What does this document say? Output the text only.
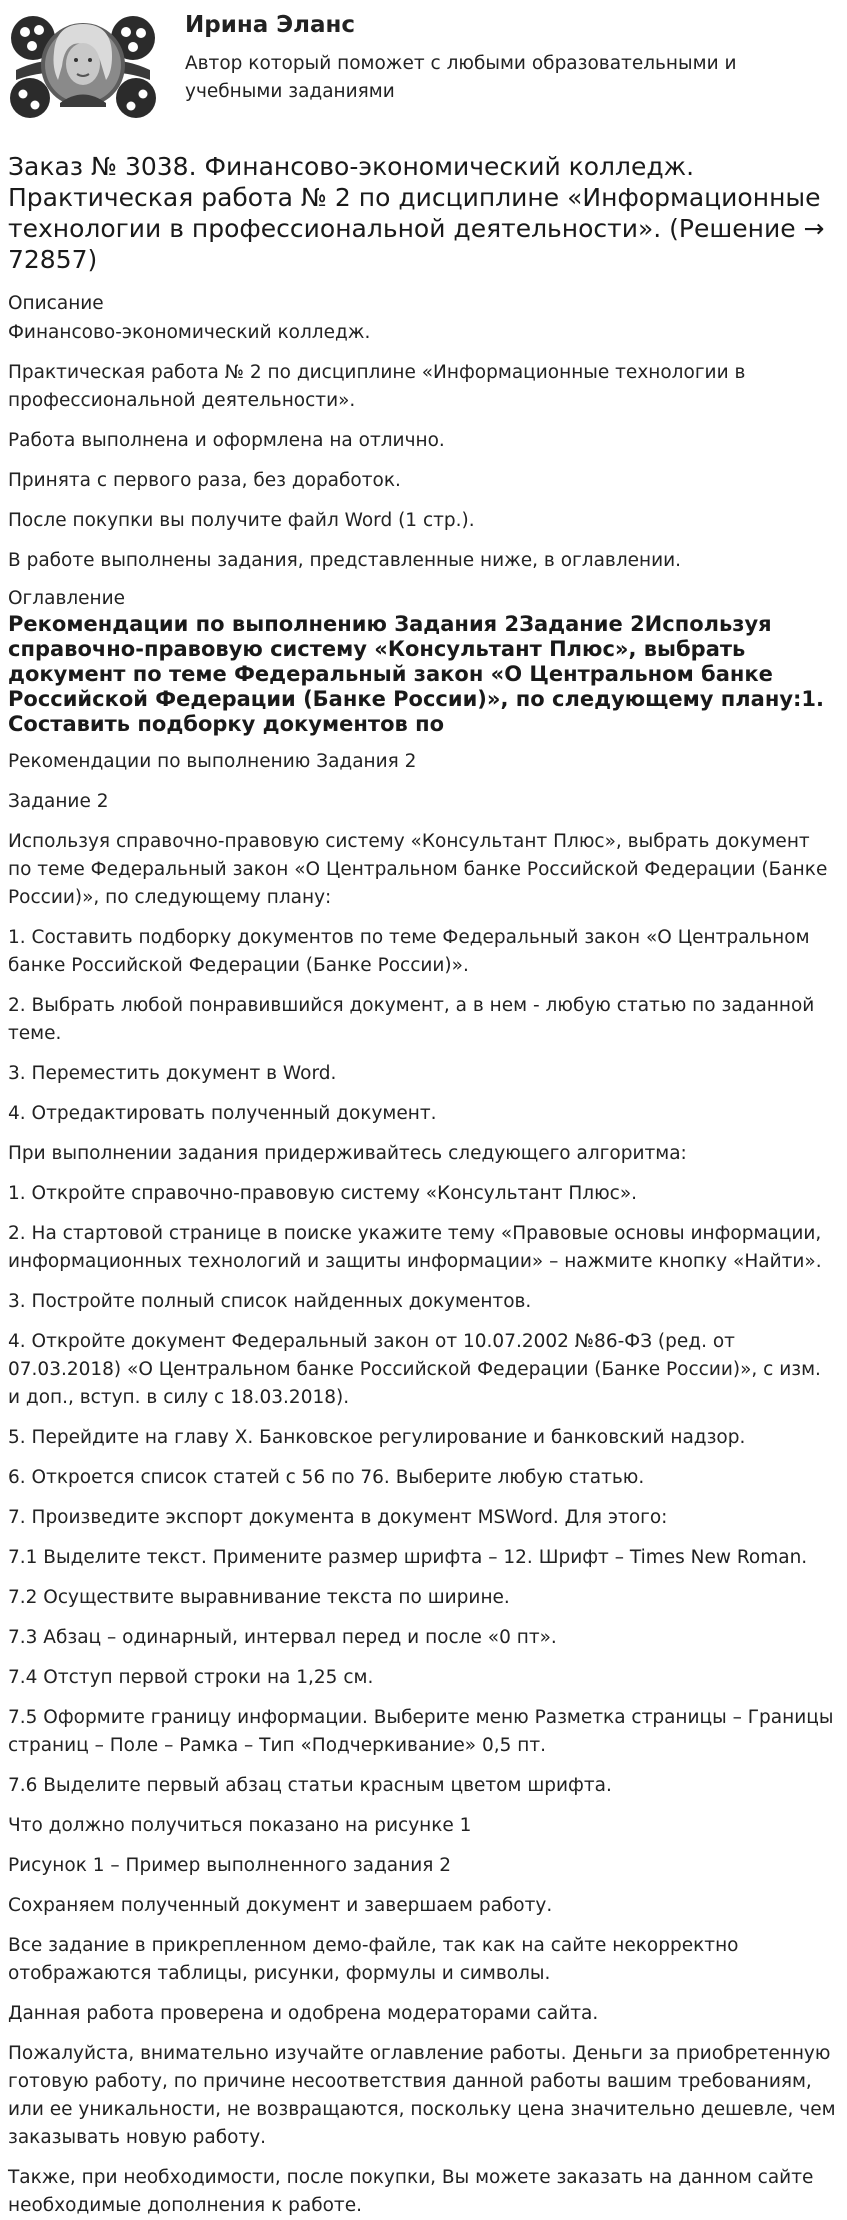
Ирина Эланс

Автор который поможет с любыми образовательными и учебными заданиями

Заказ № 3038. Финансово-экономический колледж. Практическая работа № 2 по дисциплине «Информационные технологии в профессиональной деятельности». (Решение → 72857)
Описание

Финансово-экономический колледж.

Практическая работа № 2 по дисциплине «Информационные технологии в профессиональной деятельности».

Работа выполнена и оформлена на отлично.

Принята с первого раза, без доработок.

После покупки вы получите файл Word (1 стр.).

В работе выполнены задания, представленные ниже, в оглавлении.

Оглавление
Рекомендации по выполнению Задания 2Задание 2Используя справочно-правовую систему «Консультант Плюс», выбрать документ по теме Федеральный закон «О Центральном банке Российской Федерации (Банке России)», по следующему плану:1. Составить подборку документов по

Рекомендации по выполнению Задания 2

Задание 2

Используя справочно-правовую систему «Консультант Плюс», выбрать документ по теме Федеральный закон «О Центральном банке Российской Федерации (Банке России)», по следующему плану:

1. Составить подборку документов по теме Федеральный закон «О Центральном банке Российской Федерации (Банке России)».

2. Выбрать любой понравившийся документ, а в нем - любую статью по заданной теме.

3. Переместить документ в Word.

4. Отредактировать полученный документ.

При выполнении задания придерживайтесь следующего алгоритма:

1. Откройте справочно-правовую систему «Консультант Плюс».

2. На стартовой странице в поиске укажите тему «Правовые основы информации, информационных технологий и защиты информации» – нажмите кнопку «Найти».

3. Постройте полный список найденных документов.

4. Откройте документ Федеральный закон от 10.07.2002 №86-ФЗ (ред. от 07.03.2018) «О Центральном банке Российской Федерации (Банке России)», с изм. и доп., вступ. в силу с 18.03.2018).

5. Перейдите на главу X. Банковское регулирование и банковский надзор.

6. Откроется список статей с 56 по 76. Выберите любую статью.

7. Произведите экспорт документа в документ MSWord. Для этого:

7.1 Выделите текст. Примените размер шрифта – 12. Шрифт – Times New Roman.

7.2 Осуществите выравнивание текста по ширине.

7.3 Абзац – одинарный, интервал перед и после «0 пт».

7.4 Отступ первой строки на 1,25 см.

7.5 Оформите границу информации. Выберите меню Разметка страницы – Границы страниц – Поле – Рамка – Тип «Подчеркивание» 0,5 пт.

7.6 Выделите первый абзац статьи красным цветом шрифта.

Что должно получиться показано на рисунке 1

Рисунок 1 – Пример выполненного задания 2

Сохраняем полученный документ и завершаем работу.

Все задание в прикрепленном демо-файле, так как на сайте некорректно отображаются таблицы, рисунки, формулы и символы.

Данная работа проверена и одобрена модераторами сайта.

Пожалуйста, внимательно изучайте оглавление работы. Деньги за приобретенную готовую работу, по причине несоответствия данной работы вашим требованиям, или ее уникальности, не возвращаются, поскольку цена значительно дешевле, чем заказывать новую работу.

Также, при необходимости, после покупки, Вы можете заказать на данном сайте необходимые дополнения к работе.
